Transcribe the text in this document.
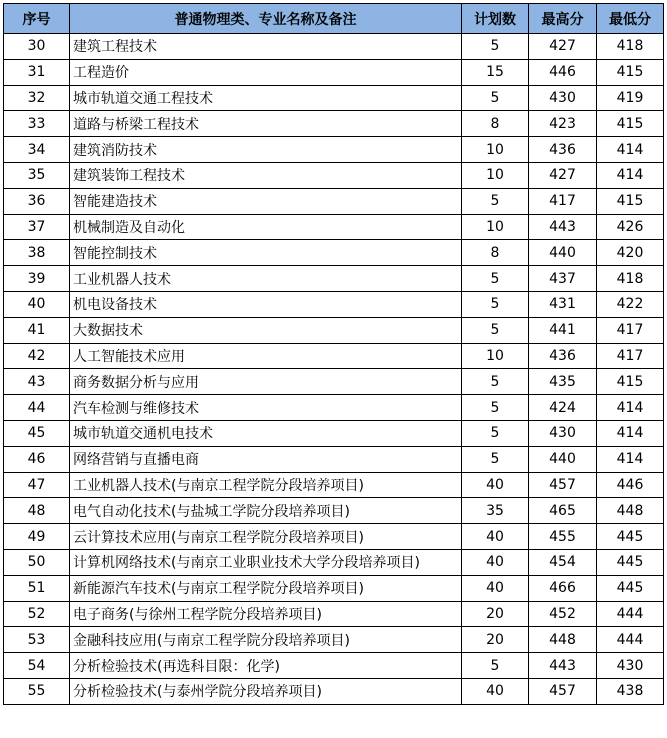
序号	普通物理类、专业名称及备注	计划数	最高分	最低分
30	建筑工程技术	5	427	418
31	工程造价	15	446	415
32	城市轨道交通工程技术	5	430	419
33	道路与桥梁工程技术	8	423	415
34	建筑消防技术	10	436	414
35	建筑装饰工程技术	10	427	414
36	智能建造技术	5	417	415
37	机械制造及自动化	10	443	426
38	智能控制技术	8	440	420
39	工业机器人技术	5	437	418
40	机电设备技术	5	431	422
41	大数据技术	5	441	417
42	人工智能技术应用	10	436	417
43	商务数据分析与应用	5	435	415
44	汽车检测与维修技术	5	424	414
45	城市轨道交通机电技术	5	430	414
46	网络营销与直播电商	5	440	414
47	工业机器人技术(与南京工程学院分段培养项目)	40	457	446
48	电气自动化技术(与盐城工学院分段培养项目)	35	465	448
49	云计算技术应用(与南京工程学院分段培养项目)	40	455	445
50	计算机网络技术(与南京工业职业技术大学分段培养项目)	40	454	445
51	新能源汽车技术(与南京工程学院分段培养项目)	40	466	445
52	电子商务(与徐州工程学院分段培养项目)	20	452	444
53	金融科技应用(与南京工程学院分段培养项目)	20	448	444
54	分析检验技术(再选科目限：化学)	5	443	430
55	分析检验技术(与泰州学院分段培养项目)	40	457	438
